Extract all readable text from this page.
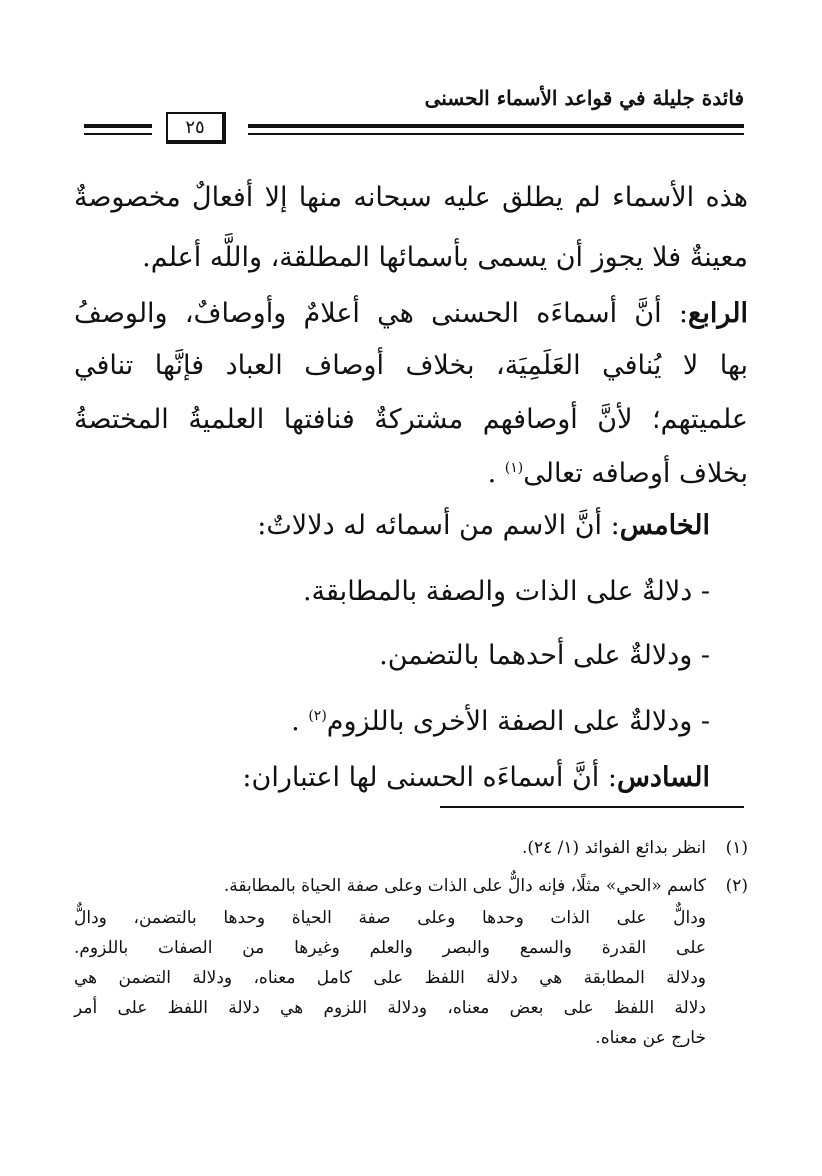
فائدة جليلة في قواعد الأسماء الحسنى
٢٥
هذه الأسماء لم يطلق عليه سبحانه منها إلا أفعالٌ مخصوصةٌ
معينةٌ فلا يجوز أن يسمى بأسمائها المطلقة، واللَّه أعلم.
الرابع: أنَّ أسماءَه الحسنى هي أعلامٌ وأوصافٌ، والوصفُ
بها لا يُنافي العَلَمِيَة، بخلاف أوصاف العباد فإنَّها تنافي
علميتهم؛ لأنَّ أوصافهم مشتركةٌ فنافتها العلميةُ المختصةُ
بخلاف أوصافه تعالى$^{(١)}$ .
الخامس: أنَّ الاسم من أسمائه له دلالاتٌ:
- دلالةٌ على الذات والصفة بالمطابقة.
- ودلالةٌ على أحدهما بالتضمن.
- ودلالةٌ على الصفة الأخرى باللزوم$^{(٢)}$ .
السادس: أنَّ أسماءَه الحسنى لها اعتباران:
(١)انظر بدائع الفوائد (١/ ٢٤).
(٢)كاسم «الحي» مثلًا، فإنه دالٌّ على الذات وعلى صفة الحياة بالمطابقة.
ودالٌّ على الذات وحدها وعلى صفة الحياة وحدها بالتضمن، ودالٌّ
على القدرة والسمع والبصر والعلم وغيرها من الصفات باللزوم.
ودلالة المطابقة هي دلالة اللفظ على كامل معناه، ودلالة التضمن هي
دلالة اللفظ على بعض معناه، ودلالة اللزوم هي دلالة اللفظ على أمر
خارج عن معناه.
